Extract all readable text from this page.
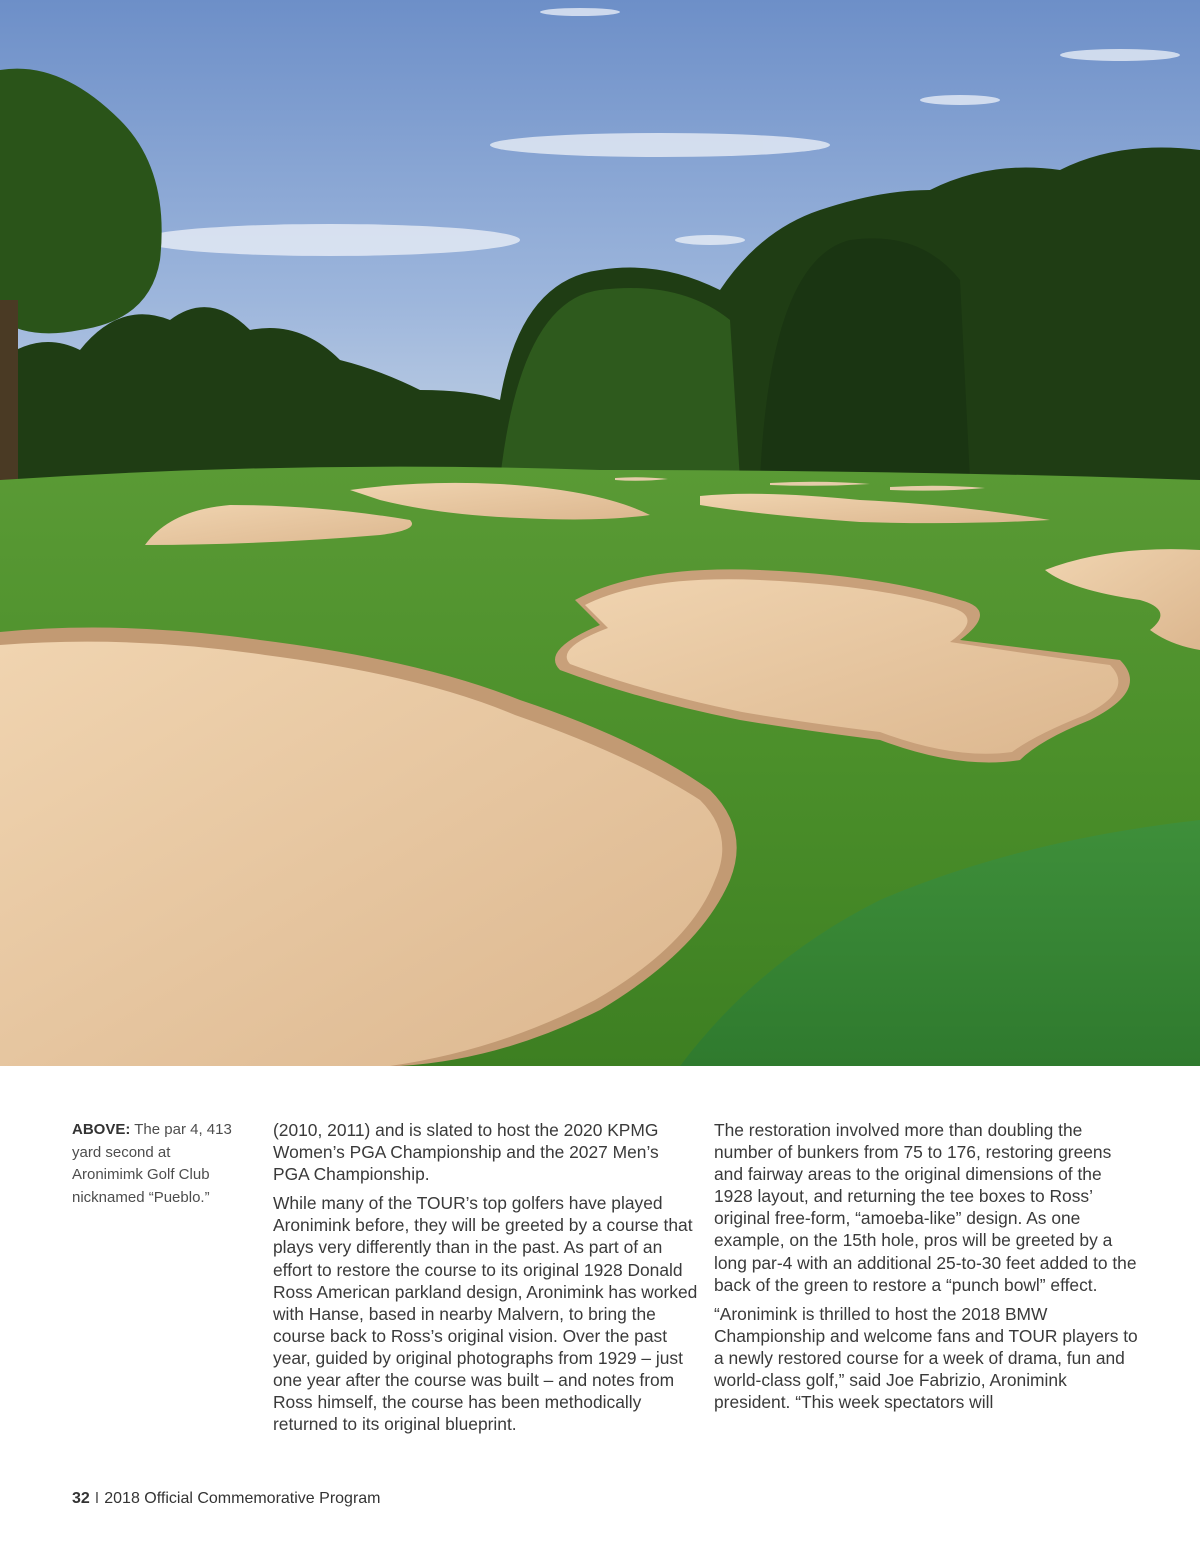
ABOVE: The par 4, 413 yard second at Aronimimk Golf Club nicknamed “Pueblo.”

(2010, 2011) and is slated to host the 2020 KPMG Women’s PGA Championship and the 2027 Men’s PGA Championship.

While many of the TOUR’s top golfers have played Aronimink before, they will be greeted by a course that plays very differently than in the past. As part of an effort to restore the course to its original 1928 Donald Ross American parkland design, Aronimink has worked with Hanse, based in nearby Malvern, to bring the course back to Ross’s original vision. Over the past year, guided by original photographs from 1929 – just one year after the course was built – and notes from Ross himself, the course has been methodically returned to its original blueprint.

The restoration involved more than doubling the number of bunkers from 75 to 176, restoring greens and fairway areas to the original dimensions of the 1928 layout, and returning the tee boxes to Ross’ original free-form, “amoeba-like” design. As one example, on the 15th hole, pros will be greeted by a long par-4 with an additional 25-to-30 feet added to the back of the green to restore a “punch bowl” effect.

“Aronimink is thrilled to host the 2018 BMW Championship and welcome fans and TOUR players to a newly restored course for a week of drama, fun and world-class golf,” said Joe Fabrizio, Aronimink president. “This week spectators will

32 I 2018 Official Commemorative Program
